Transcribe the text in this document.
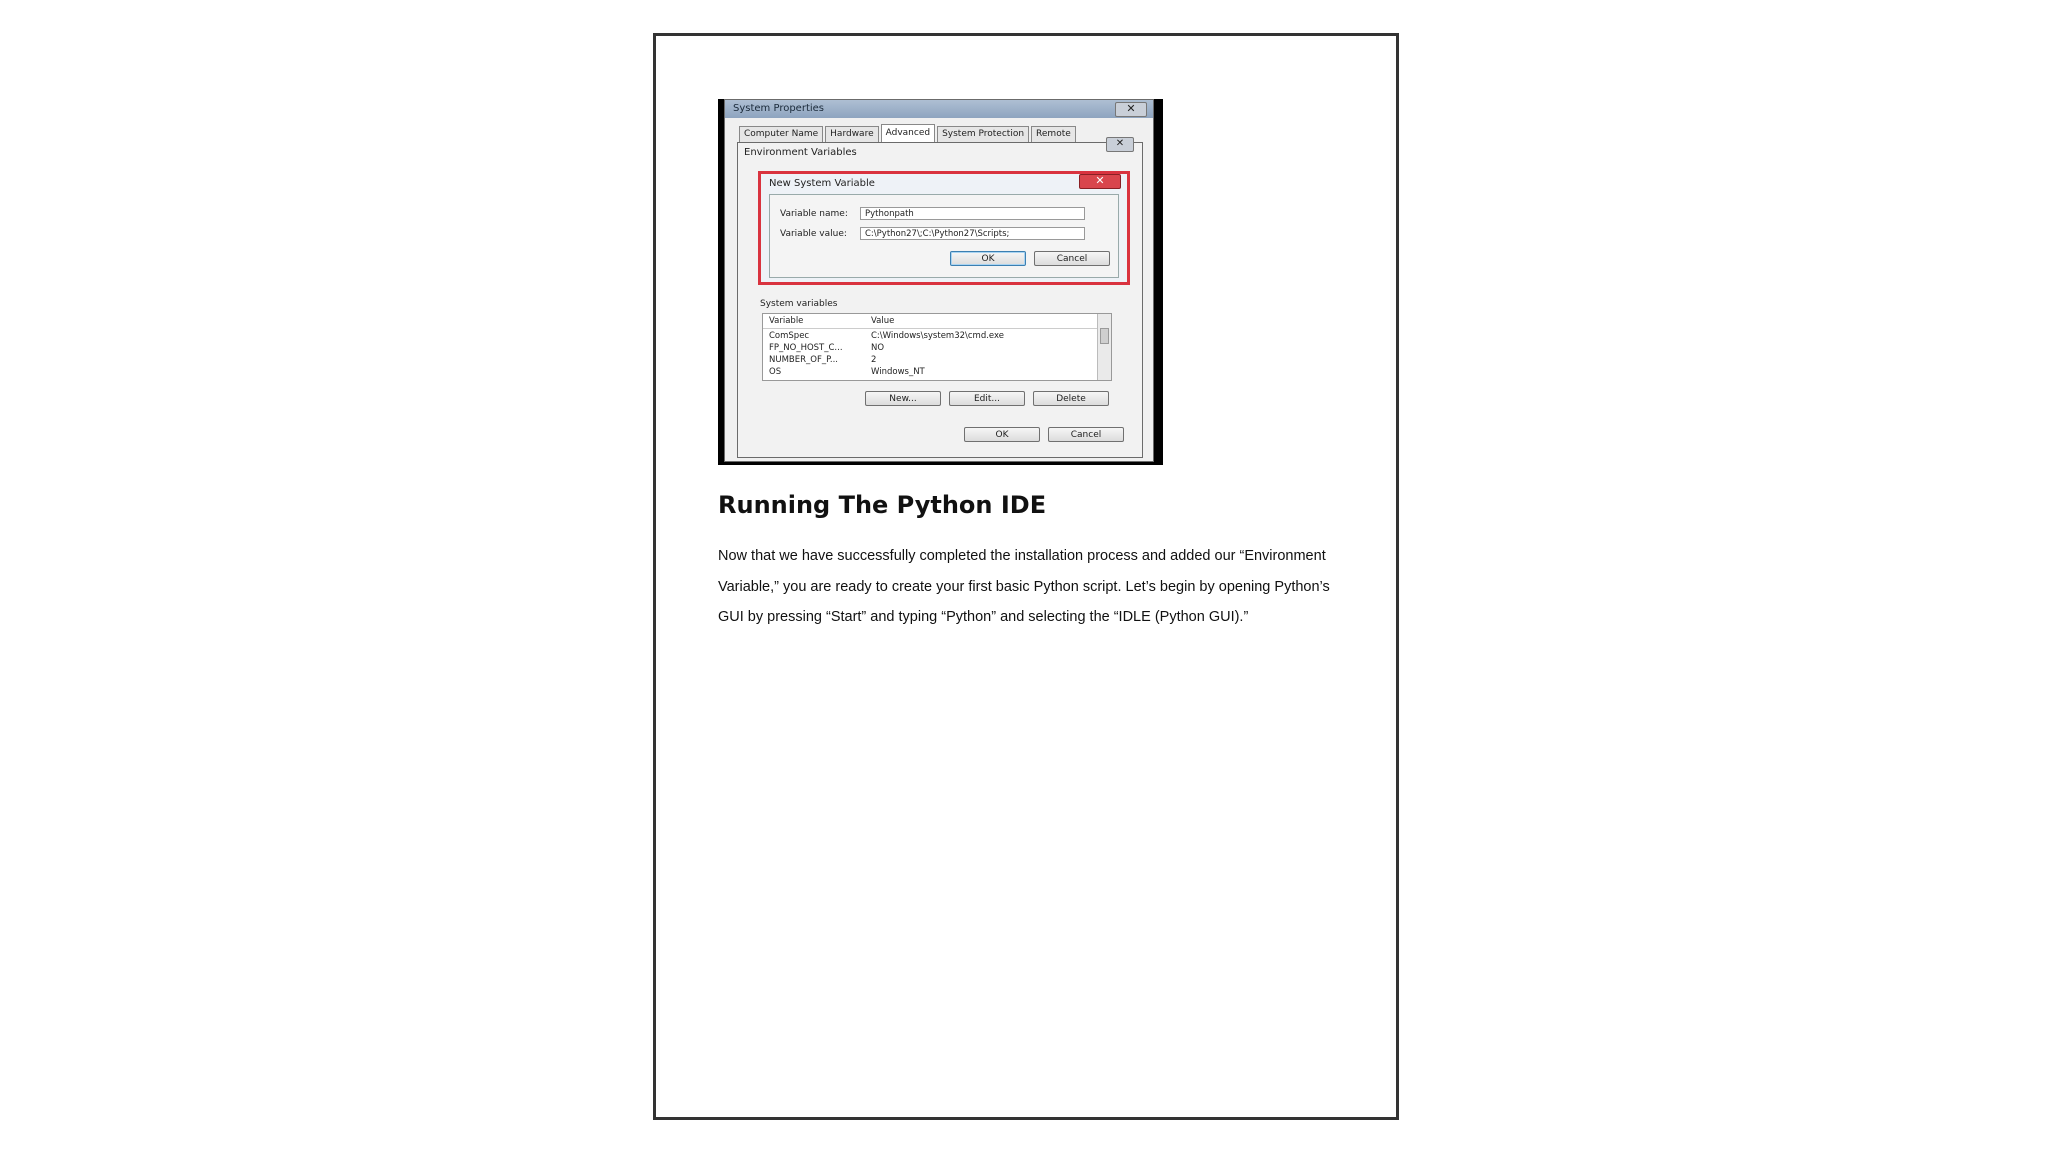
System Properties	✕
Computer Name	Hardware	Advanced	System Protection	Remote
Environment Variables
✕
New System Variable	✕
Variable name:	Pythonpath
Variable value:	C:\Python27\;C:\Python27\Scripts;
OK	Cancel
System variables
Variable	Value
ComSpec	C:\Windows\system32\cmd.exe
FP_NO_HOST_C...	NO
NUMBER_OF_P...	2
OS	Windows_NT
New...	Edit...	Delete
OK	Cancel
Running The Python IDE

Now that we have successfully completed the installation process and added our “Environment Variable,” you are ready to create your first basic Python script. Let’s begin by opening Python’s GUI by pressing “Start” and typing “Python” and selecting the “IDLE (Python GUI).”
